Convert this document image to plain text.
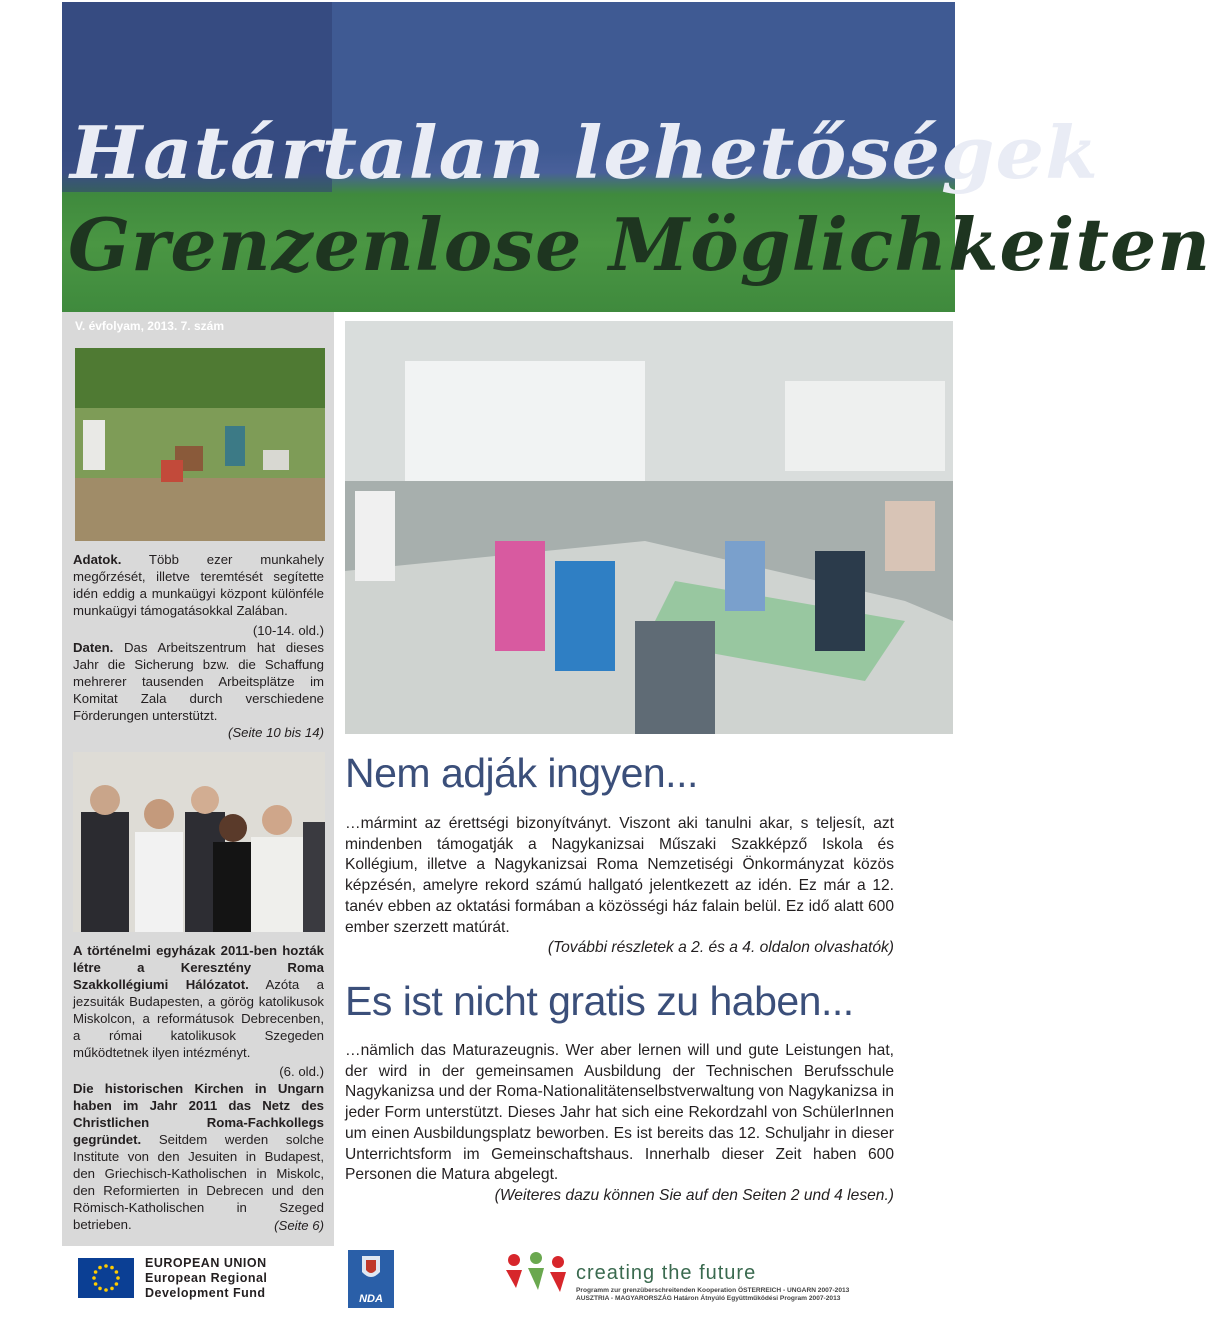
Határtalan lehetőségek
Grenzenlose Möglichkeiten
V. évfolyam, 2013. 7. szám
Adatok. Több ezer munkahely megőrzését, illetve teremtését segítette idén eddig a munkaügyi központ különféle munkaügyi támogatásokkal Zalában.
(10-14. old.)
Daten. Das Arbeitszentrum hat dieses Jahr die Sicherung bzw. die Schaffung mehrerer tausenden Arbeitsplätze im Komitat Zala durch verschiedene Förderungen unterstützt.
(Seite 10 bis 14)
A történelmi egyházak 2011-ben hozták létre a Keresztény Roma Szakkollégiumi Hálózatot. Azóta a jezsuiták Budapesten, a görög katolikusok Miskolcon, a reformátusok Debrecenben, a római katolikusok Szegeden működtetnek ilyen intézményt.
(6. old.)
Die historischen Kirchen in Ungarn haben im Jahr 2011 das Netz des Christlichen Roma-Fachkollegs gegründet. Seitdem werden solche Institute von den Jesuiten in Budapest, den Griechisch-Katholischen in Miskolc, den Reformierten in Debrecen und den Römisch-Katholischen in Szeged betrieben.	(Seite 6)
Nem adják ingyen...
…mármint az érettségi bizonyítványt. Viszont aki tanulni akar, s teljesít, azt mindenben támogatják a Nagykanizsai Műszaki Szakképző Iskola és Kollégium, illetve a Nagykanizsai Roma Nemzetiségi Önkormányzat közös képzésén, amelyre rekord számú hallgató jelentkezett az idén. Ez már a 12. tanév ebben az oktatási formában a közösségi ház falain belül. Ez idő alatt 600 ember szerzett matúrát.
(További részletek a 2. és a 4. oldalon olvashatók)
Es ist nicht gratis zu haben...
…nämlich das Maturazeugnis. Wer aber lernen will und gute Leistungen hat, der wird in der gemeinsamen Ausbildung der Technischen Berufsschule Nagykanizsa und der Roma-Nationalitätenselbstverwaltung von Nagykanizsa in jeder Form unterstützt. Dieses Jahr hat sich eine Rekordzahl von SchülerInnen um einen Ausbildungsplatz beworben. Es ist bereits das 12. Schuljahr in dieser Unterrichtsform im Gemeinschaftshaus. Innerhalb dieser Zeit haben 600 Personen die Matura abgelegt.
(Weiteres dazu können Sie auf den Seiten 2 und 4 lesen.)
EUROPEAN UNION
European Regional
Development Fund	NDA
creating the future
Programm zur grenzüberschreitenden Kooperation ÖSTERREICH - UNGARN 2007-2013
AUSZTRIA - MAGYARORSZÁG Határon Átnyúló Együttműködési Program 2007-2013
